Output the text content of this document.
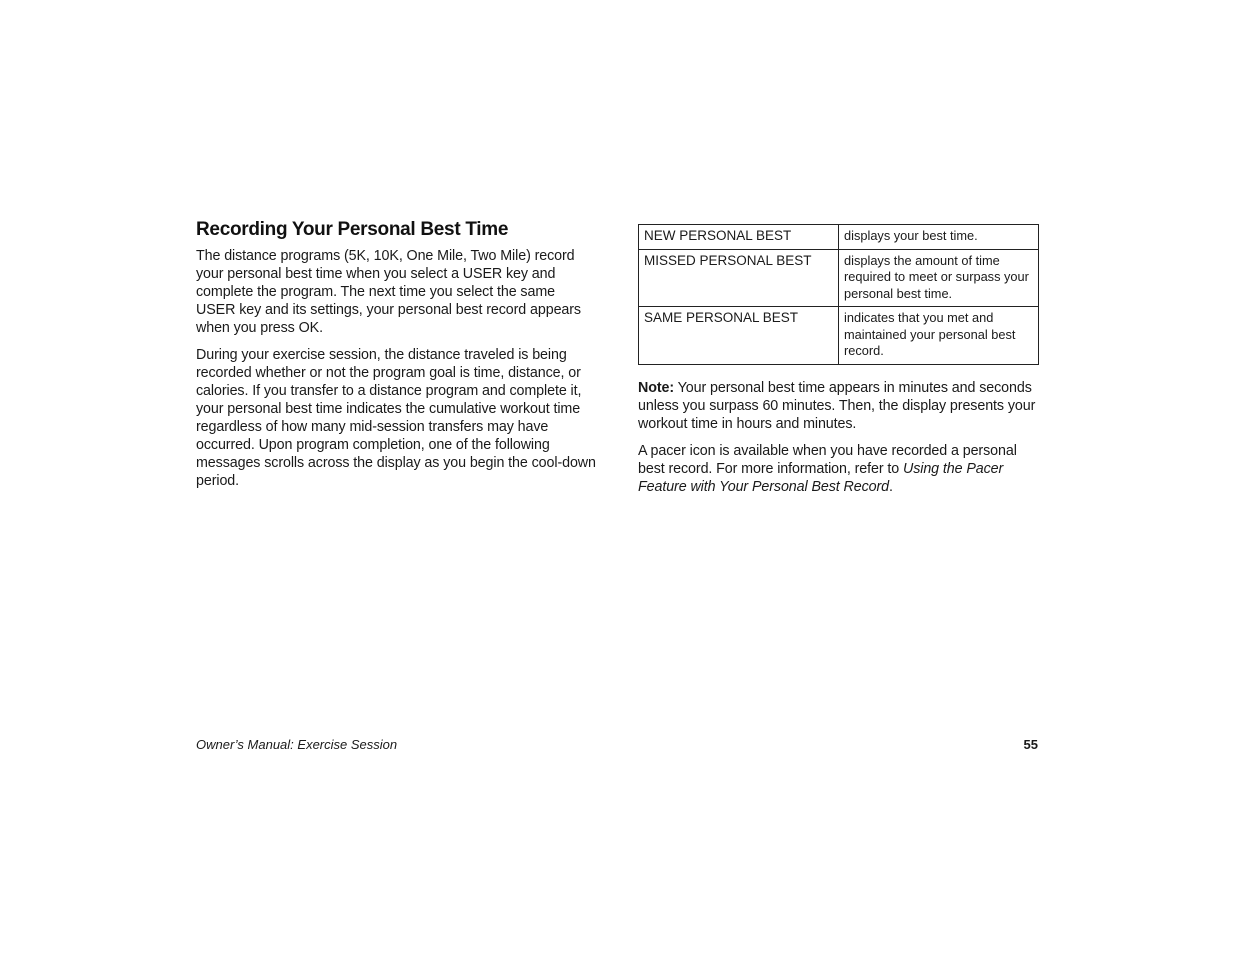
Recording Your Personal Best Time

The distance programs (5K, 10K, One Mile, Two Mile) record your personal best time when you select a USER key and complete the program. The next time you select the same USER key and its settings, your personal best record appears when you press OK.

During your exercise session, the distance traveled is being recorded whether or not the program goal is time, distance, or calories. If you transfer to a distance program and complete it, your personal best time indicates the cumulative workout time regardless of how many mid-session transfers may have occurred. Upon program completion, one of the following messages scrolls across the display as you begin the cool-down period.

NEW PERSONAL BEST	displays your best time.
MISSED PERSONAL BEST	displays the amount of time required to meet or surpass your personal best time.
SAME PERSONAL BEST	indicates that you met and maintained your personal best record.

Note: Your personal best time appears in minutes and seconds unless you surpass 60 minutes. Then, the display presents your workout time in hours and minutes.

A pacer icon is available when you have recorded a personal best record. For more information, refer to Using the Pacer Feature with Your Personal Best Record.

Owner’s Manual: Exercise Session	55
